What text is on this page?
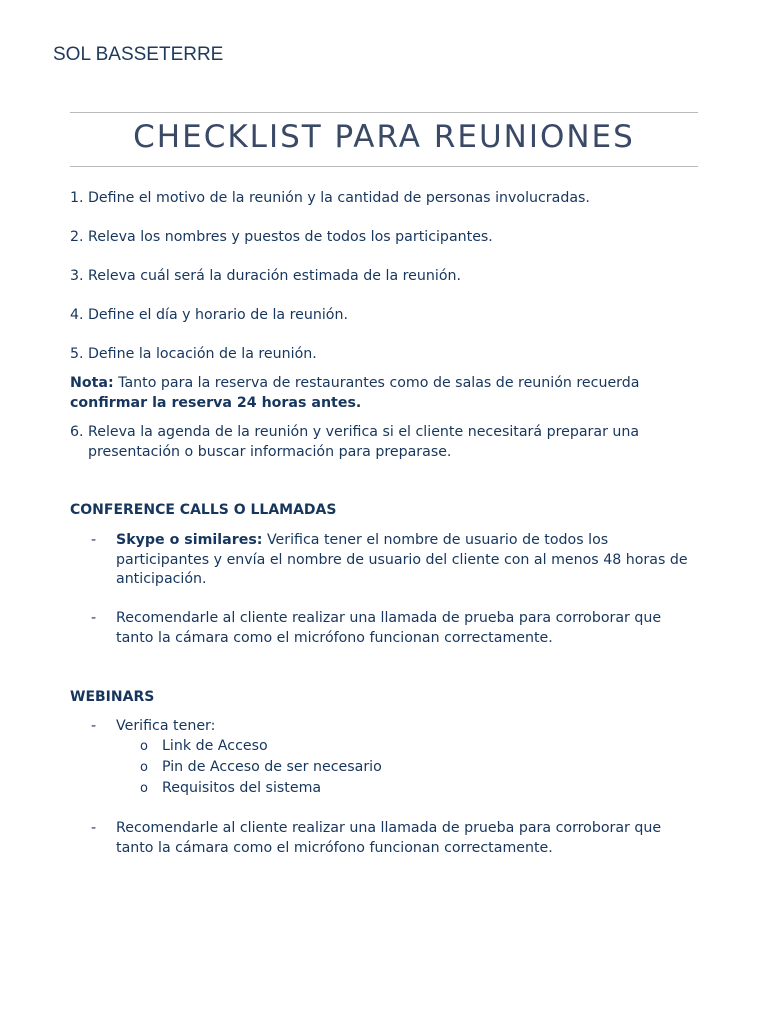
SOL BASSETERRE
CHECKLIST PARA REUNIONES
1. Define el motivo de la reunión y la cantidad de personas involucradas.
2. Releva los nombres y puestos de todos los participantes.
3. Releva cuál será la duración estimada de la reunión.
4. Define el día y horario de la reunión.
5. Define la locación de la reunión.

Nota: Tanto para la reserva de restaurantes como de salas de reunión recuerda confirmar la reserva 24 horas antes.

6. Releva la agenda de la reunión y verifica si el cliente necesitará preparar una presentación o buscar información para preparase.

CONFERENCE CALLS O LLAMADAS

-	Skype o similares: Verifica tener el nombre de usuario de todos los participantes y envía el nombre de usuario del cliente con al menos 48 horas de anticipación.
-	Recomendarle al cliente realizar una llamada de prueba para corroborar que tanto la cámara como el micrófono funcionan correctamente.

WEBINARS

-	Verifica tener:
o Link de Acceso
o Pin de Acceso de ser necesario
o Requisitos del sistema
-	Recomendarle al cliente realizar una llamada de prueba para corroborar que tanto la cámara como el micrófono funcionan correctamente.
